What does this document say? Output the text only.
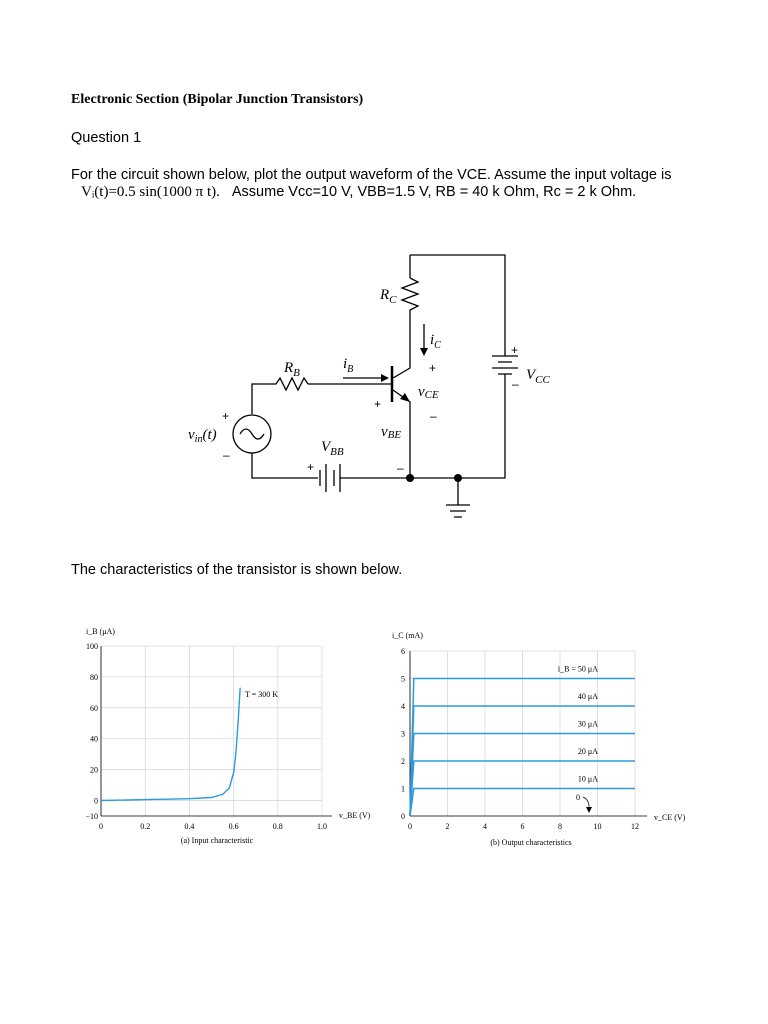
Electronic Section (Bipolar Junction Transistors)
Question 1
For the circuit shown below, plot the output waveform of the VCE. Assume the input voltage is
Vᵢ(t)=0.5 sin(1000 π t). Assume Vcc=10 V, VBB=1.5 V, RB = 40 k Ohm, Rc = 2 k Ohm.
The characteristics of the transistor is shown below.
$R_C$
$i_C$
$R_B$
$i_B$
vCE
vBE
$V_{BB}$
$V_{CC}$
$v_{in}(t)$
+
–
+
–
+
–
+
+
–
100
80
60
40
20
0
−10
0	0.2	0.4	0.6	0.8	1.0
i_B (μA)
v_BE (V)
(a) Input characteristic
T = 300 K
6
5
4
3
2
1
0
0	2	4	6	8	10	12
i_C (mA)
v_CE (V)
(b) Output characteristics
i_B = 50 μA
40 μA
30 μA
20 μA
10 μA
0
